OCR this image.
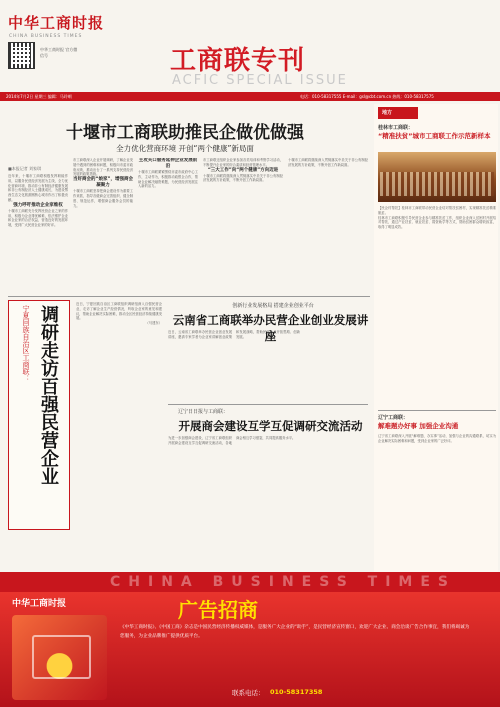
中华工商时报
CHINA BUSINESS TIMES
中华工商时报 官方微信号	工商联专刊
ACFIC SPECIAL ISSUE
2014年7月2日 星期三 编辑：马玲琍	电话：010-58317555 E-mail：gsl@cbt.com.cn 热线：010-58317575
十堰市工商联助推民企做优做强
全力优化营商环境 开创“两个健康”新局面
■本报记者 刘家琪
近年来，十堰市工商联积极发挥职能作用，以服务民营经济发展为主线，全力优化营商环境，推动非公有制经济健康发展和非公有制经济人士健康成长，为建设鄂西生态文化旅游圈核心城市作出了积极贡献。
强力呼吁推动企业家维权
十堰市工商联充分发挥民营企业之家的作用，积极为企业排忧解难，依法维护企业和企业家的合法权益，营造良好的发展环境，受到广大民营企业家的好评。
市工商联深入企业开展调研，了解企业发展中遇到的困难和问题，积极向市委市政府反映，推动出台了一系列支持民营经济发展的政策措施。
当好商会的“娘家”，增强商会凝聚力
十堰市工商联坚持把商会建设作为重要工作来抓，指导各级商会完善组织、健全制度、规范运作，增强商会服务会员的能力。
主攻关口服务延伸企业发展前沿
十堰市工商联紧紧围绕市委市政府中心工作，主动作为，积极推动政银企合作，帮助企业解决融资难题，为民营经济发展注入新的活力。
市工商联还组织企业家参加各类培训和考察学习活动，不断提升企业家的综合素质和经营管理水平。
“三大工作”向“两个健康”方向迈进
十堰市工商联将继续深入贯彻落实中央关于非公有制经济发展的方针政策，不断开创工作新局面。
十堰市工商联将继续深入贯彻落实中央关于非公有制经济发展的方针政策，不断开创工作新局面。
宁夏回族自治区工商联： 调研走访百强民营企业
近日，宁夏回族自治区工商联组织调研组深入百强民营企业，走访了解企业生产经营情况，听取企业家的意见和建议，帮助企业解决实际困难，推动全区民营经济持续健康发展。
（马建东）
创新行业发展格局 搭建企业创业平台
云南省工商联举办民营企业创业发展讲座
近日，云南省工商联举办民营企业创业发展讲座，邀请专家学者为企业家讲解创业政策和发展战略，帮助民营企业开拓思路、创新发展。
辽宁日日报与工商联：
开展商会建设互学互促调研交流活动
为进一步加强商会建设，辽宁省工商联组织开展商会建设互学互促调研交流活动，各地商会相互学习借鉴，共同提高服务水平。
地方
桂林市工商联：
“精准扶贫”城市工商联工作示范新样本
【民企村帮扶】桂林市工商联带动民营企业结对帮扶贫困村，实现精准扶贫精准脱贫。
桂林市工商联积极引导民营企业参与精准扶贫工作，组织企业深入贫困村开展结对帮扶，通过产业扶贫、就业扶贫、捐资助学等方式，帮助贫困群众增收致富，取得了明显成效。
辽宁工商联：
解难题办好事 加强企业沟通
辽宁省工商联深入开展“解难题、办实事”活动，加强与企业的沟通联系，切实为企业解决实际困难和问题，受到企业家的广泛好评。
CHINA BUSINESS TIMES
中华工商时报	广告招商
《中华工商时报》、《中国工商》杂志是中国民营经济传播权威媒体，是服务广大企业的“助手”，是民营经济宣传窗口，欢迎广大企业、商会洽谈广告合作事宜，我们将竭诚为您服务，为企业品牌推广提供优质平台。
联系电话： 010-58317358
